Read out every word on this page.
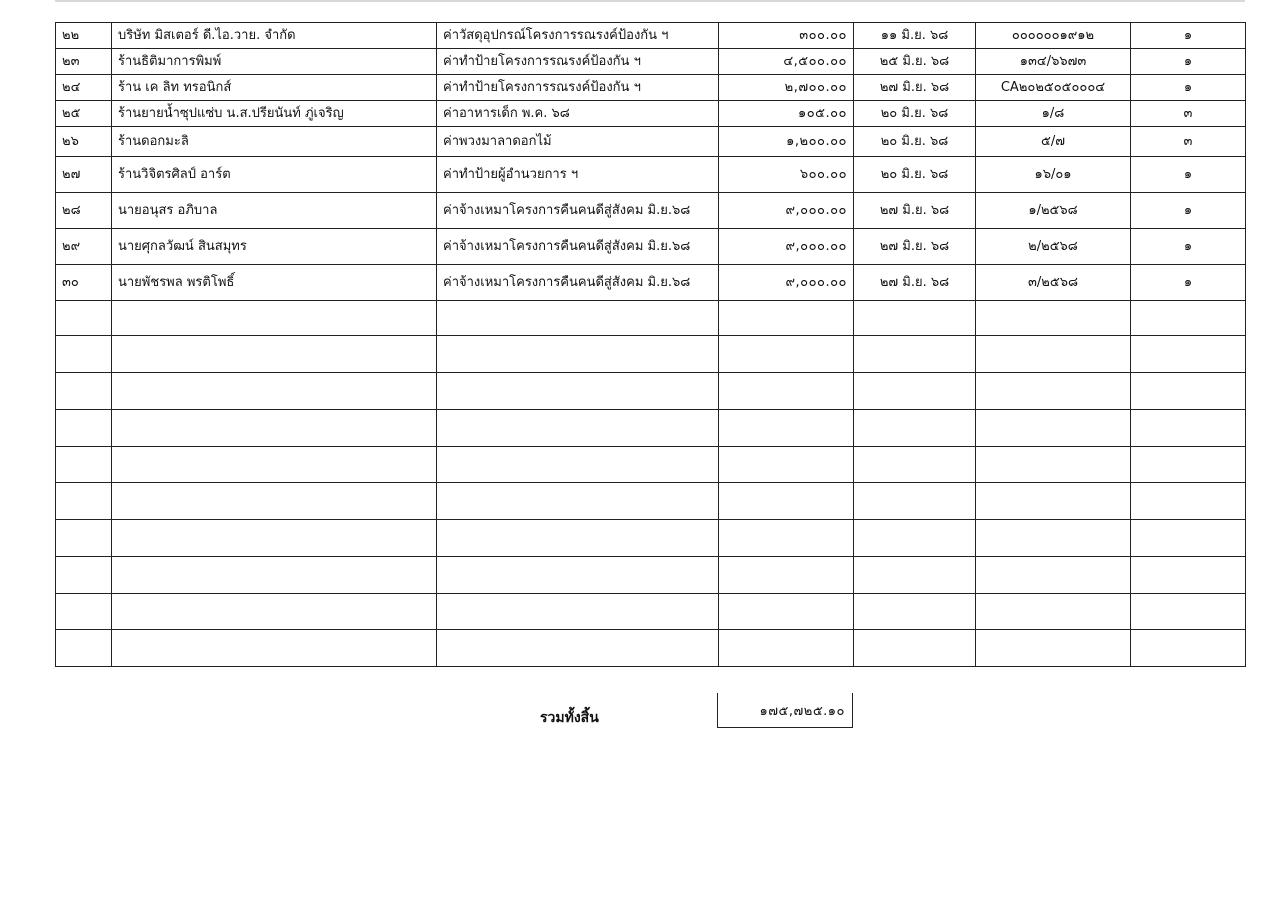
๒๒	บริษัท มิสเตอร์ ดี.ไอ.วาย. จำกัด	ค่าวัสดุอุปกรณ์โครงการรณรงค์ป้องกัน ฯ	๓๐๐.๐๐	๑๑ มิ.ย. ๖๘	๐๐๐๐๐๐๑๙๑๒	๑
๒๓	ร้านธิติมาการพิมพ์	ค่าทำป้ายโครงการรณรงค์ป้องกัน ฯ	๔,๕๐๐.๐๐	๒๕ มิ.ย. ๖๘	๑๓๔/๖๖๗๓	๑
๒๔	ร้าน เค ลิท ทรอนิกส์	ค่าทำป้ายโครงการรณรงค์ป้องกัน ฯ	๒,๗๐๐.๐๐	๒๗ มิ.ย. ๖๘	CA๒๐๒๕๐๕๐๐๐๔	๑
๒๕	ร้านยายน้ำซุปแซ่บ น.ส.ปรียนันท์ ภู่เจริญ	ค่าอาหารเด็ก พ.ค. ๖๘	๑๐๕.๐๐	๒๐ มิ.ย. ๖๘	๑/๘	๓
๒๖	ร้านดอกมะลิ	ค่าพวงมาลาดอกไม้	๑,๒๐๐.๐๐	๒๐ มิ.ย. ๖๘	๕/๗	๓
๒๗	ร้านวิจิตรศิลป์ อาร์ต	ค่าทำป้ายผู้อำนวยการ ฯ	๖๐๐.๐๐	๒๐ มิ.ย. ๖๘	๑๖/๐๑	๑
๒๘	นายอนุสร อภิบาล	ค่าจ้างเหมาโครงการคืนคนดีสู่สังคม มิ.ย.๖๘	๙,๐๐๐.๐๐	๒๗ มิ.ย. ๖๘	๑/๒๕๖๘	๑
๒๙	นายศุกลวัฒน์ สินสมุทร	ค่าจ้างเหมาโครงการคืนคนดีสู่สังคม มิ.ย.๖๘	๙,๐๐๐.๐๐	๒๗ มิ.ย. ๖๘	๒/๒๕๖๘	๑
๓๐	นายพัชรพล พรติโพธิ์	ค่าจ้างเหมาโครงการคืนคนดีสู่สังคม มิ.ย.๖๘	๙,๐๐๐.๐๐	๒๗ มิ.ย. ๖๘	๓/๒๕๖๘	๑

รวมทั้งสิ้น	๑๗๕,๗๒๕.๑๐
